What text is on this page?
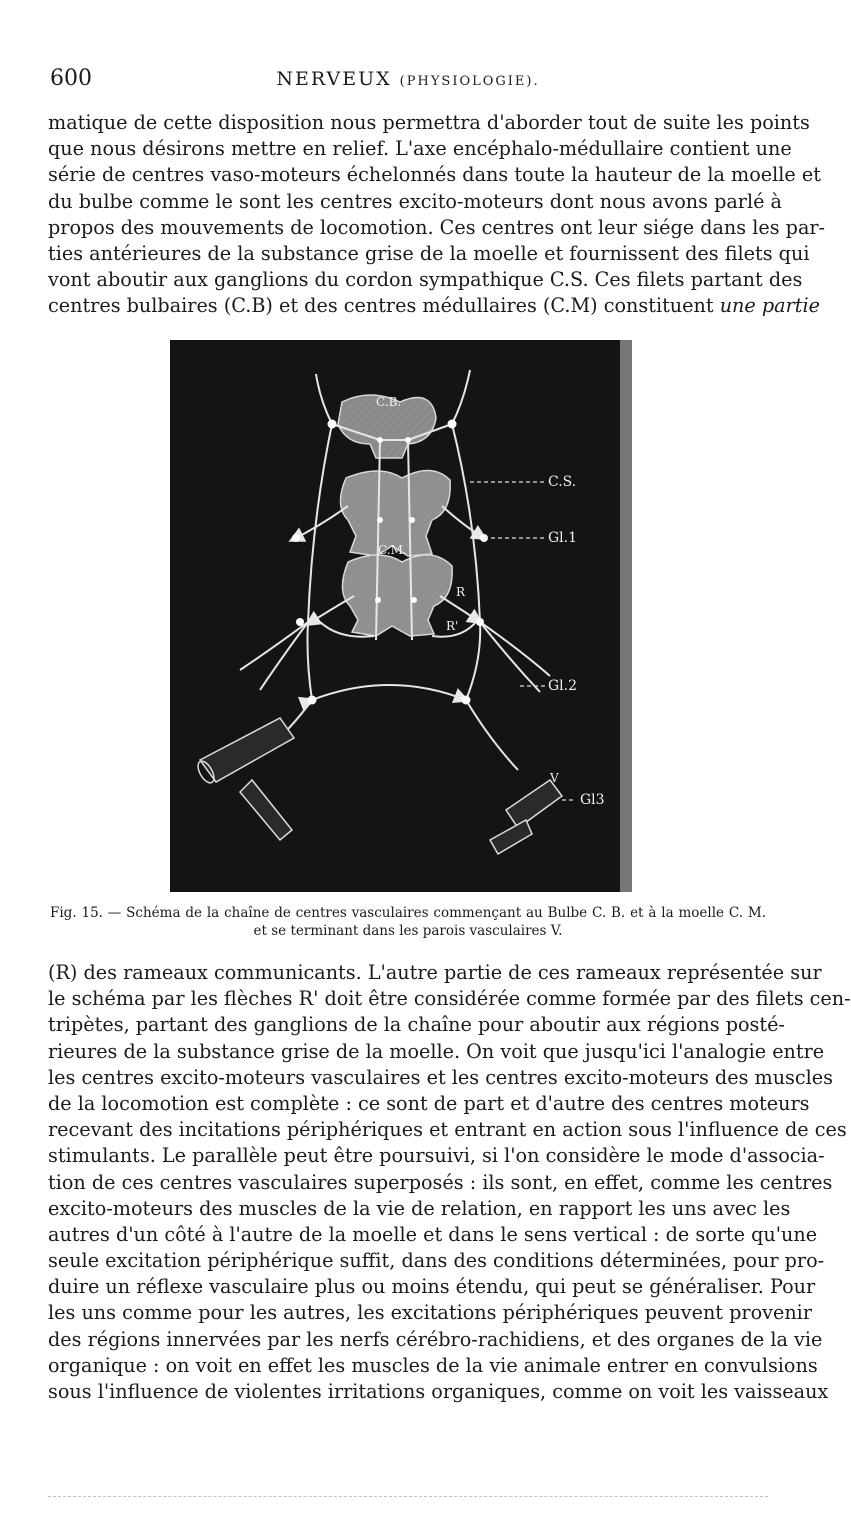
600	NERVEUX (PHYSIOLOGIE).
matique de cette disposition nous permettra d'aborder tout de suite les points
que nous désirons mettre en relief. L'axe encéphalo-médullaire contient une
série de centres vaso-moteurs échelonnés dans toute la hauteur de la moelle et
du bulbe comme le sont les centres excito-moteurs dont nous avons parlé à
propos des mouvements de locomotion. Ces centres ont leur siége dans les par-
ties antérieures de la substance grise de la moelle et fournissent des filets qui
vont aboutir aux ganglions du cordon sympathique C.S. Ces filets partant des
centres bulbaires (C.B) et des centres médullaires (C.M) constituent une partie
C.B.
C.S.
Gl.1
C.M.
R
R'
Gl.2
V
Gl3
Fig. 15. — Schéma de la chaîne de centres vasculaires commençant au Bulbe C. B. et à la moelle C. M.
et se terminant dans les parois vasculaires V.
(R) des rameaux communicants. L'autre partie de ces rameaux représentée sur
le schéma par les flèches R' doit être considérée comme formée par des filets cen-
tripètes, partant des ganglions de la chaîne pour aboutir aux régions posté-
rieures de la substance grise de la moelle. On voit que jusqu'ici l'analogie entre
les centres excito-moteurs vasculaires et les centres excito-moteurs des muscles
de la locomotion est complète : ce sont de part et d'autre des centres moteurs
recevant des incitations périphériques et entrant en action sous l'influence de ces
stimulants. Le parallèle peut être poursuivi, si l'on considère le mode d'associa-
tion de ces centres vasculaires superposés : ils sont, en effet, comme les centres
excito-moteurs des muscles de la vie de relation, en rapport les uns avec les
autres d'un côté à l'autre de la moelle et dans le sens vertical : de sorte qu'une
seule excitation périphérique suffit, dans des conditions déterminées, pour pro-
duire un réflexe vasculaire plus ou moins étendu, qui peut se généraliser. Pour
les uns comme pour les autres, les excitations périphériques peuvent provenir
des régions innervées par les nerfs cérébro-rachidiens, et des organes de la vie
organique : on voit en effet les muscles de la vie animale entrer en convulsions
sous l'influence de violentes irritations organiques, comme on voit les vaisseaux
